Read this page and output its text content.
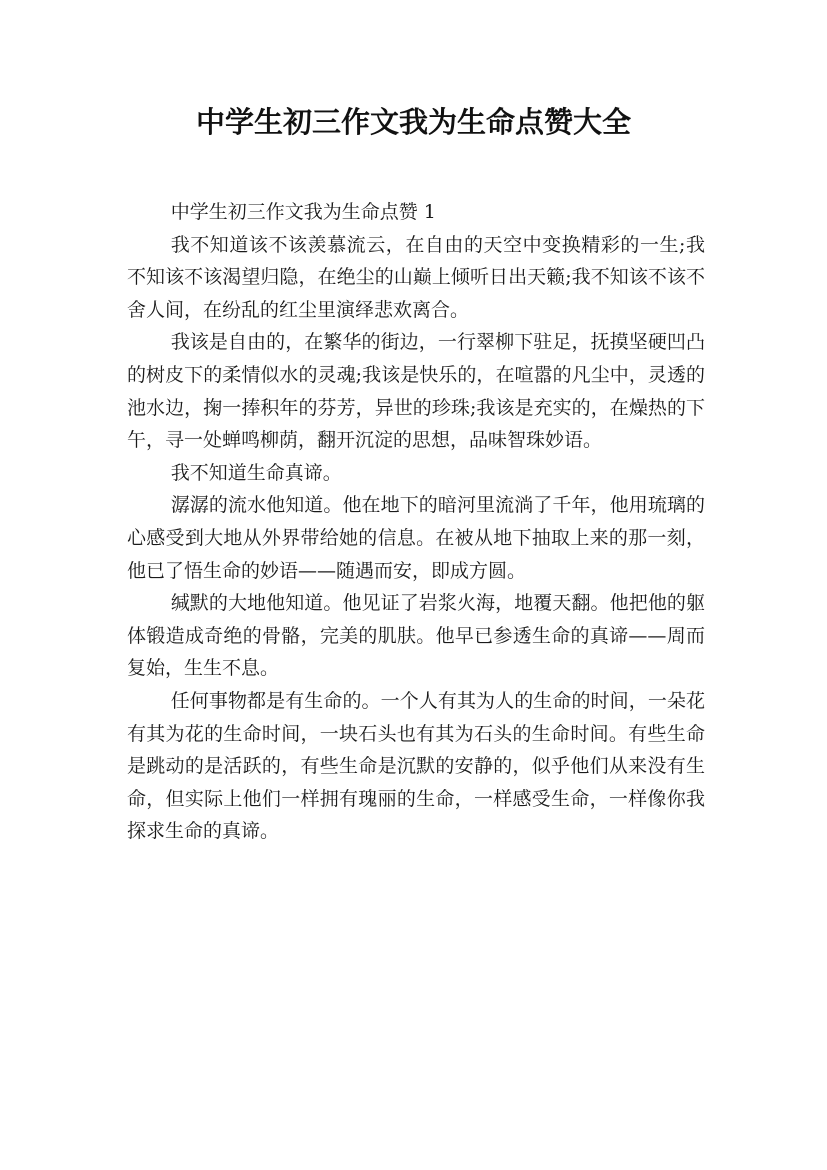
中学生初三作文我为生命点赞大全

中学生初三作文我为生命点赞 1

我不知道该不该羡慕流云，在自由的天空中变换精彩的一生;我不知该不该渴望归隐，在绝尘的山巅上倾听日出天籁;我不知该不该不舍人间，在纷乱的红尘里演绎悲欢离合。

我该是自由的，在繁华的街边，一行翠柳下驻足，抚摸坚硬凹凸的树皮下的柔情似水的灵魂;我该是快乐的，在喧嚣的凡尘中，灵透的池水边，掬一捧积年的芬芳，异世的珍珠;我该是充实的，在燥热的下午，寻一处蝉鸣柳荫，翻开沉淀的思想，品味智珠妙语。

我不知道生命真谛。

潺潺的流水他知道。他在地下的暗河里流淌了千年，他用琉璃的心感受到大地从外界带给她的信息。在被从地下抽取上来的那一刻，他已了悟生命的妙语——随遇而安，即成方圆。

缄默的大地他知道。他见证了岩浆火海，地覆天翻。他把他的躯体锻造成奇绝的骨骼，完美的肌肤。他早已参透生命的真谛——周而复始，生生不息。

任何事物都是有生命的。一个人有其为人的生命的时间，一朵花有其为花的生命时间，一块石头也有其为石头的生命时间。有些生命是跳动的是活跃的，有些生命是沉默的安静的，似乎他们从来没有生命，但实际上他们一样拥有瑰丽的生命，一样感受生命，一样像你我探求生命的真谛。
